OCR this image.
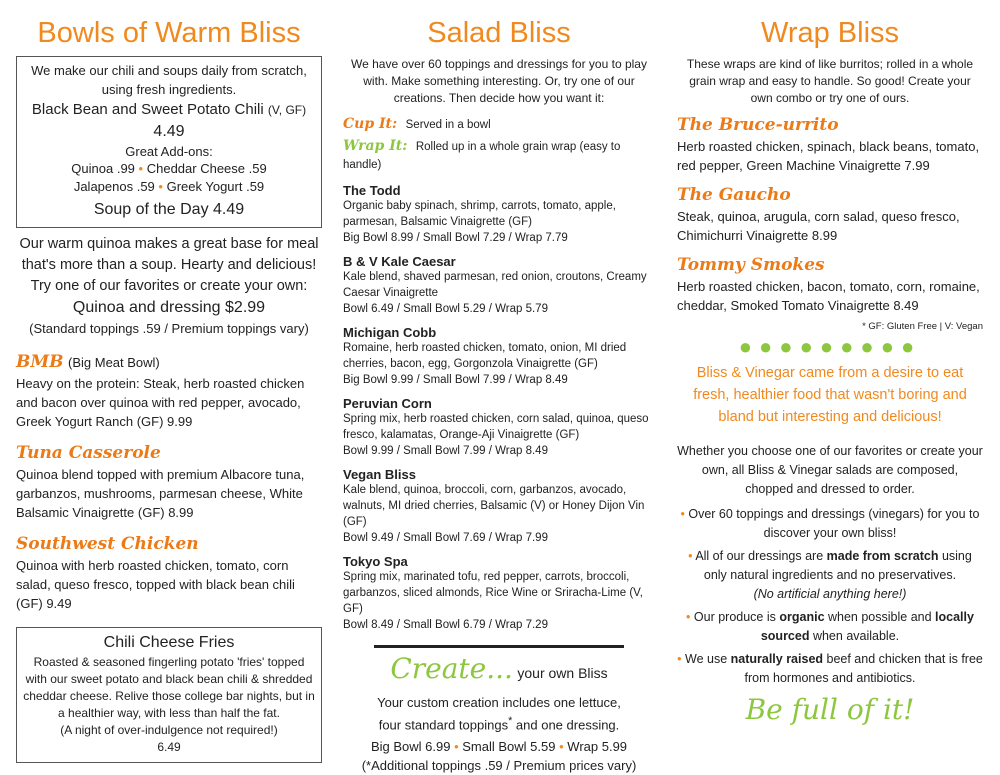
Bowls of Warm Bliss
We make our chili and soups daily from scratch, using fresh ingredients.
Black Bean and Sweet Potato Chili (V, GF)
4.49
Great Add-ons:
Quinoa .99 • Cheddar Cheese .59
Jalapenos .59 • Greek Yogurt .59
Soup of the Day 4.49
Our warm quinoa makes a great base for meal that's more than a soup. Hearty and delicious! Try one of our favorites or create your own:
Quinoa and dressing $2.99
(Standard toppings .59 / Premium toppings vary)
BMB (Big Meat Bowl)
Heavy on the protein: Steak, herb roasted chicken and bacon over quinoa with red pepper, avocado, Greek Yogurt Ranch (GF) 9.99
Tuna Casserole
Quinoa blend topped with premium Albacore tuna, garbanzos, mushrooms, parmesan cheese, White Balsamic Vinaigrette (GF) 8.99
Southwest Chicken
Quinoa with herb roasted chicken, tomato, corn salad, queso fresco, topped with black bean chili (GF) 9.49
Chili Cheese Fries
Roasted & seasoned fingerling potato 'fries' topped with our sweet potato and black bean chili & shredded cheddar cheese. Relive those college bar nights, but in a healthier way, with less than half the fat.
(A night of over-indulgence not required!)
6.49
Salad Bliss
We have over 60 toppings and dressings for you to play with. Make something interesting. Or, try one of our creations. Then decide how you want it:
Cup It: Served in a bowl
Wrap It: Rolled up in a whole grain wrap (easy to handle)
The Todd
Organic baby spinach, shrimp, carrots, tomato, apple, parmesan, Balsamic Vinaigrette (GF)
Big Bowl 8.99 / Small Bowl 7.29 / Wrap 7.79
B & V Kale Caesar
Kale blend, shaved parmesan, red onion, croutons, Creamy Caesar Vinaigrette
Bowl 6.49 / Small Bowl 5.29 / Wrap 5.79
Michigan Cobb
Romaine, herb roasted chicken, tomato, onion, MI dried cherries, bacon, egg, Gorgonzola Vinaigrette (GF)
Big Bowl 9.99 / Small Bowl 7.99 / Wrap 8.49
Peruvian Corn
Spring mix, herb roasted chicken, corn salad, quinoa, queso fresco, kalamatas, Orange-Aji Vinaigrette (GF)
Bowl 9.99 / Small Bowl 7.99 / Wrap 8.49
Vegan Bliss
Kale blend, quinoa, broccoli, corn, garbanzos, avocado, walnuts, MI dried cherries, Balsamic (V) or Honey Dijon Vin (GF)
Bowl 9.49 / Small Bowl 7.69 / Wrap 7.99
Tokyo Spa
Spring mix, marinated tofu, red pepper, carrots, broccoli, garbanzos, sliced almonds, Rice Wine or Sriracha-Lime (V, GF)
Bowl 8.49 / Small Bowl 6.79 / Wrap 7.29
Create... your own Bliss
Your custom creation includes one lettuce,
four standard toppings* and one dressing.
Big Bowl 6.99 • Small Bowl 5.59 • Wrap 5.99
(*Additional toppings .59 / Premium prices vary)
Wrap Bliss
These wraps are kind of like burritos; rolled in a whole grain wrap and easy to handle. So good! Create your own combo or try one of ours.
The Bruce-urrito
Herb roasted chicken, spinach, black beans, tomato, red pepper, Green Machine Vinaigrette 7.99
The Gaucho
Steak, quinoa, arugula, corn salad, queso fresco, Chimichurri Vinaigrette 8.99
Tommy Smokes
Herb roasted chicken, bacon, tomato, corn, romaine, cheddar, Smoked Tomato Vinaigrette 8.49
* GF: Gluten Free | V: Vegan
●●●●●●●●●
Bliss & Vinegar came from a desire to eat fresh, healthier food that wasn't boring and bland but interesting and delicious!
Whether you choose one of our favorites or create your own, all Bliss & Vinegar salads are composed, chopped and dressed to order.
• Over 60 toppings and dressings (vinegars) for you to discover your own bliss!
• All of our dressings are made from scratch using only natural ingredients and no preservatives.
(No artificial anything here!)
• Our produce is organic when possible and locally sourced when available.
• We use naturally raised beef and chicken that is free from hormones and antibiotics.
Be full of it!
